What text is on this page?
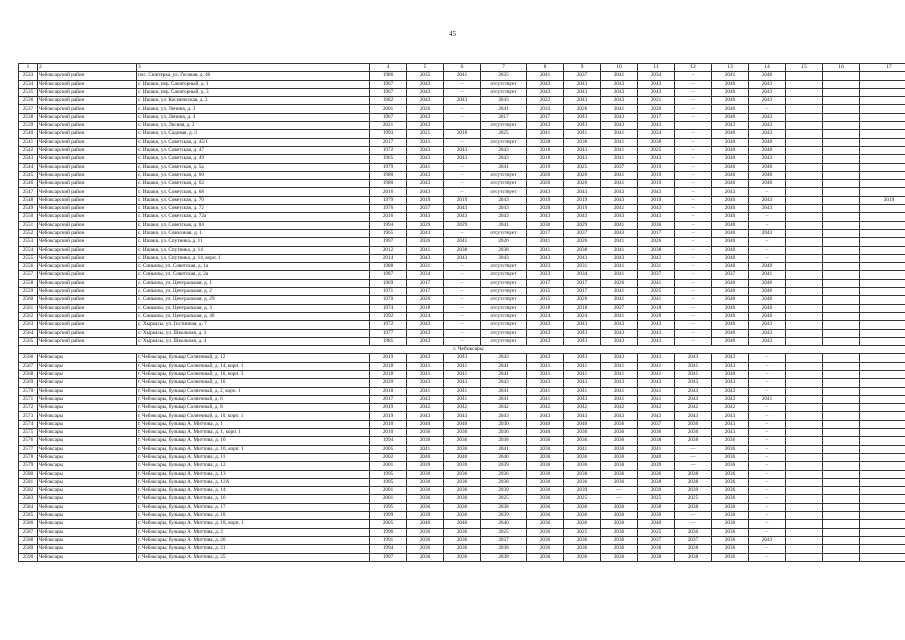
45
1	2	3	4	5	6	7	8	9	10	11	12	13	14	15	16	17
2533	Чебоксарский район	пос. Сюктерка, ул. Гоганая, д. 46	1986	2035	2041	2035	2041	2037	2041	2034	–	2041	2040			
2534	Чебоксарский район	с. Ишаки, пер. Санаторный, д. 1	1967	2043	–	отсутствует	2043	2043	2043	2043	–	2040	2043			
2535	Чебоксарский район	с. Ишаки, пер. Санаторный, д. 3	1967	2043	–	отсутствует	2043	2043	2043	2043	–	2040	2043			
2536	Чебоксарский район	с. Ишаки, ул. Космическая, д. 2	1982	2043	2043	2043	2022	2043	2043	2021	–	2040	2043			
2537	Чебоксарский район	с. Ишаки, ул. Ленина, д. 3	2001	2026	–	2041	2033	2026	2041	2026	–	2040	–			
2538	Чебоксарский район	с. Ишаки, ул. Ленина, д. 4	1967	2043	–	2017	2017	2043	2043	2017	–	2040	2043			
2539	Чебоксарский район	с. Ишаки, ул. Лесная, д. 2	2021	2043		отсутствует	2043	2043	2043	2043		2043	2043			
2540	Чебоксарский район	с. Ишаки, ул. Садовая, д. 3	1993	2025	2018	2025	2041	2041	2041	2024	–	2040	2043			
2541	Чебоксарский район	с. Ишаки, ул. Советская, д. 45/1	2017	2041	–	отсутствует	2038	2038	2041	2038	–	2040	2040			
2542	Чебоксарский район	с. Ишаки, ул. Советская, д. 47	1972	2043	2043	2043	2018	2043	2041	2025	–	2040	2040			
2543	Чебоксарский район	с. Ишаки, ул. Советская, д. 49	1965	2043	2043	2043	2018	2043	2041	2043	–	2040	2043			
2544	Чебоксарский район	с. Ишаки, ул. Советская, д. 5а	1979	2041	–	2041	2019	2025	2037	2019	–	2040	2040			
2545	Чебоксарский район	с. Ишаки, ул. Советская, д. 60	1980	2043	–	отсутствует	2020	2020	2041	2019	–	2040	2040			
2546	Чебоксарский район	с. Ишаки, ул. Советская, д. 62	1980	2043	–	отсутствует	2020	2020	2041	2019	–	2040	2040			
2547	Чебоксарский район	с. Ишаки, ул. Советская, д. 68	2016	2043	–	отсутствует	2043	2043	2043	2043	–	2043	–			
2548	Чебоксарский район	с. Ишаки, ул. Советская, д. 70	1979	2019	2019	2043	2019	2019	2043	2019	–	2040	2043			2019
2549	Чебоксарский район	с. Ишаки, ул. Советская, д. 72	1976	2037	2043	2043	2020	2019	2041	2043	–	2040	2043			
2550	Чебоксарский район	с. Ишаки, ул. Советская, д. 72а	2016	2043	2043	2043	2043	2043	2043	2043	–	2040	–			
2551	Чебоксарский район	с. Ишаки, ул. Советская, д. 84	1994	2029	2029	2041	2030	2029	2041	2036	–	2040	–			
2552	Чебоксарский район	с. Ишаки, ул. Совхозная, д. 1	1965	2043	–	отсутствует	2017	2037	2043	2017	–	2040	2043			
2553	Чебоксарский район	с. Ишаки, ул. Спутника, д. 11	1997	2026	2041	2026	2041	2026	2041	2026	–	2040	–			
2554	Чебоксарский район	с. Ишаки, ул. Спутника, д. 14	2012	2041	2038	2038	2041	2038	2041	2038	–	2040	–			
2555	Чебоксарский район	с. Ишаки, ул. Спутника, д. 14, корп. 1	2014	2043	2043	2043	2043	2043	2043	2043	–	2040	–			
2556	Чебоксарский район	с. Синьялы, ул. Советская, д. 1а	1988	2031	–	отсутствует	2023	2031	2041	2031	–	2040	2040			
2557	Чебоксарский район	с. Синьялы, ул. Советская, д. 2а	1987	2034	–	отсутствует	2023	2034	2041	2037	–	2037	2041			
2558	Чебоксарский район	с. Синьялы, ул. Центральная, д. 1	1969	2017	–	отсутствует	2017	2017	2026	2041	–	2040	2040			
2559	Чебоксарский район	с. Синьялы, ул. Центральная, д. 2	1971	2017	–	отсутствует	2015	2017	2041	2025	–	2040	2040			
2560	Чебоксарский район	с. Синьялы, ул. Центральная, д. 29	1970	2026	–	отсутствует	2015	2026	2041	2041	–	2040	2040			
2561	Чебоксарский район	с. Синьялы, ул. Центральная, д. 3	1974	2018	–	отсутствует	2018	2018	2027	2018	–	2040	2040			
2562	Чебоксарский район	с. Синьялы, ул. Центральная, д. 40	1992	2024	–	отсутствует	2024	2024	2041	2028	–	2040	2040			
2563	Чебоксарский район	с. Хыркасы, ул. Гостинная, д. 7	1972	2043	–	отсутствует	2043	2043	2043	2043	–	2040	2043			
2564	Чебоксарский район	с. Хыркасы, ул. Школьная, д. 3	1977	2043	–	отсутствует	2043	2043	2043	2043	–	2040	2043			
2565	Чебоксарский район	с. Хыркасы, ул. Школьная, д. 4	1985	2043	–	отсутствует	2043	2043	2043	2043	–	2040	2043			
г. Чебоксары																
2566	Чебоксары	г. Чебоксары, бульвар Солнечный, д. 12	2019	2043	2043	2043	2043	2043	2043	2043	2043	2043	–			
2567	Чебоксары	г. Чебоксары, бульвар Солнечный, д. 14, корп. 1	2018	2041	2041	2041	2041	2041	2041	2041	2041	2043	–			
2568	Чебоксары	г. Чебоксары, бульвар Солнечный, д. 16, корп. 3	2018	2041	2041	2041	2041	2041	2041	2041	2041	2040	–			
2569	Чебоксары	г. Чебоксары, бульвар Солнечный, д. 16	2020	2043	2043	2043	2043	2043	2043	2043	2043	2043	–			
2570	Чебоксары	г. Чебоксары, бульвар Солнечный, д. 2, корп. 1	2018	2041	2041	2041	2041	2041	2041	2041	2043	2043	–			
2571	Чебоксары	г. Чебоксары, бульвар Солнечный, д. 6	2017	2043	2041	2041	2041	2043	2041	2041	2043	2043	2041			
2572	Чебоксары	г. Чебоксары, бульвар Солнечный, д. 8	2019	2042	2042	2042	2042	2042	2042	2042	2042	2042	–			
2573	Чебоксары	г. Чебоксары, бульвар Солнечный, д. 10, корп. 1	2019	2043	2043	2043	2043	2043	2043	2043	2043	2043	–			
2574	Чебоксары	г. Чебоксары, бульвар А. Миттова, д. 1	2010	2040	2040	2030	2040	2040	2036	2037	2036	2043	–			
2575	Чебоксары	г. Чебоксары, бульвар А. Миттова, д. 1, корп. 1	2010	2036	2036	2036	2040	2036	2036	2036	2036	2043	–			
2576	Чебоксары	г. Чебоксары, бульвар А. Миттова, д. 10	1994	2036	2036	2038	2036	2036	2036	2038	2038	2036	–			
2577	Чебоксары	г. Чебоксары, бульвар А. Миттова, д. 10, корп. 1	2005	2041	2036	2041	2036	2041	2036	2041	—	2036	–			
2578	Чебоксары	г. Чебоксары, бульвар А. Миттова, д. 11	2002	2040	2040	2040	2036	2036	2036	2040	—	2036	–			
2579	Чебоксары	г. Чебоксары, бульвар А. Миттова, д. 12	2001	2039	2039	2039	2036	2036	2036	2039	—	2036	–			
2580	Чебоксары	г. Чебоксары, бульвар А. Миттова, д. 13	1995	2036	2036	2036	2036	2038	2036	2036	2038	2036	–			
2581	Чебоксары	г. Чебоксары, бульвар А. Миттова, д. 12А	1995	2036	2036	2038	2036	2036	2036	2038	2038	2036	–			
2582	Чебоксары	г. Чебоксары, бульвар А. Миттова, д. 14	2001	2036	2036	2039	2036	2039	—	2039	2039	2036	–			
2583	Чебоксары	г. Чебоксары, бульвар А. Миттова, д. 16	2001	2036	2036	2025	2036	2025	—	2025	2025	2036	–			
2584	Чебоксары	г. Чебоксары, бульвар А. Миттова, д. 17	1995	2036	2036	2038	2036	2036	2036	2038	2038	2036	–			
2585	Чебоксары	г. Чебоксары, бульвар А. Миттова, д. 18	1999	2039	2036	2039	2036	2036	2036	2039	—	2036	–			
2586	Чебоксары	г. Чебоксары, бульвар А. Миттова, д. 18, корп. 1	2005	2040	2040	2040	2036	2036	2036	2040	—	2036	–			
2587	Чебоксары	г. Чебоксары, бульвар А. Миттова, д. 2	1996	2036	2036	2025	2036	2025	2036	2025	2036	2036	–			
2588	Чебоксары	г. Чебоксары, бульвар А. Миттова, д. 20	1991	2036	2036	2037	2036	2036	2036	2037	2037	2036	2043			
2589	Чебоксары	г. Чебоксары, бульвар А. Миттова, д. 21	1994	2036	2036	2038	2036	2036	2036	2038	2038	2036	–			
2590	Чебоксары	г. Чебоксары, бульвар А. Миттова, д. 25	1997	2036	2036	2038	2036	2036	2036	2038	2038	2036	–			
